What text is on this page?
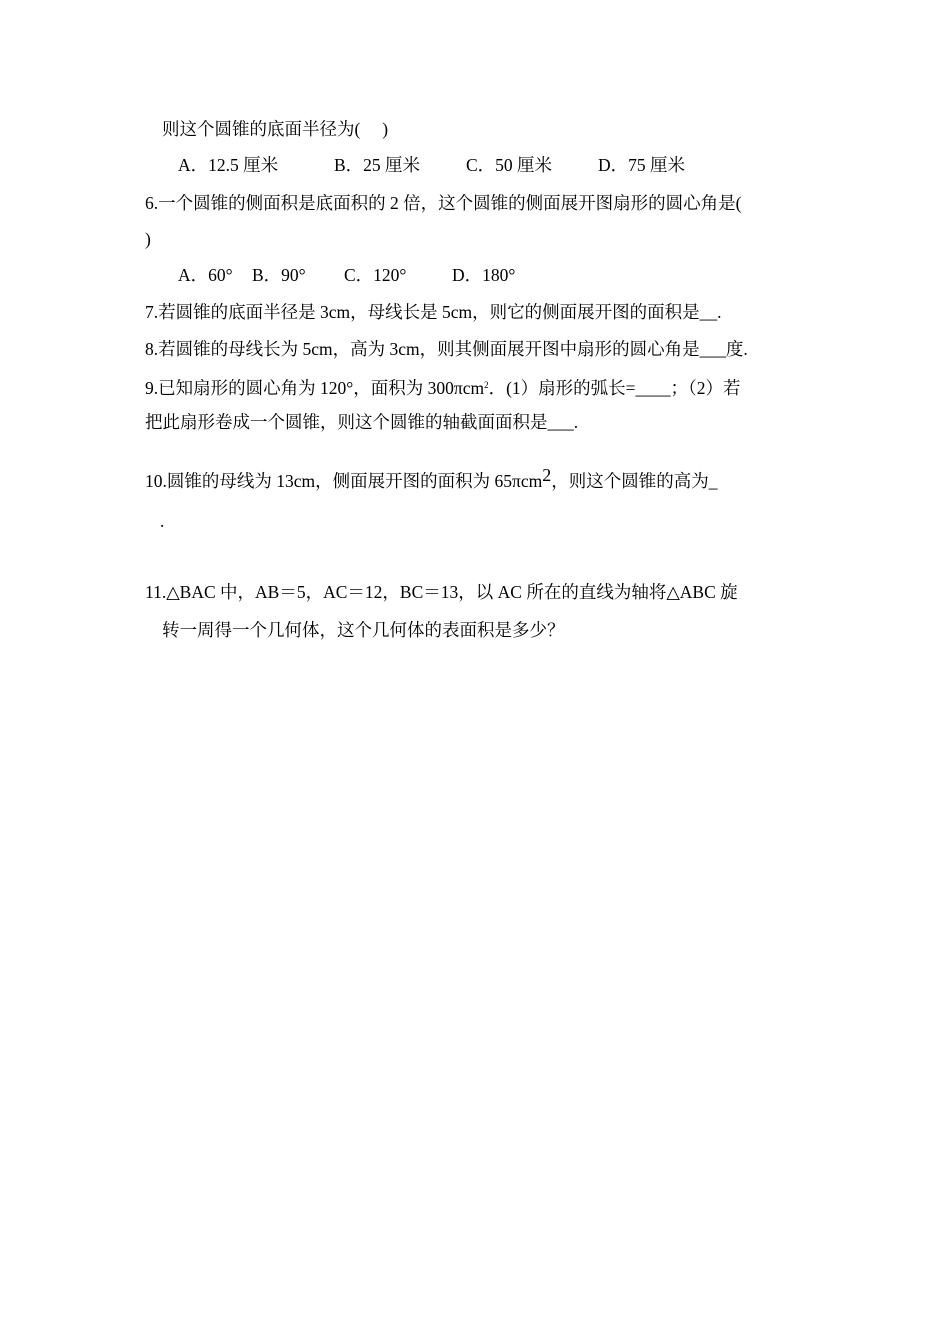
则这个圆锥的底面半径为(　 )
A．12.5 厘米	B．25 厘米	C．50 厘米	D．75 厘米
6.一个圆锥的侧面积是底面积的 2 倍，这个圆锥的侧面展开图扇形的圆心角是(
)
A．60° B．90° C．120°	D．180°
7.若圆锥的底面半径是 3cm，母线长是 5cm，则它的侧面展开图的面积是__.
8.若圆锥的母线长为 5cm，高为 3cm，则其侧面展开图中扇形的圆心角是___度.
9.已知扇形的圆心角为 120°，面积为 300πcm$^2$．(1）扇形的弧长=____；（2）若
把此扇形卷成一个圆锥，则这个圆锥的轴截面面积是___.
10.圆锥的母线为 13cm，侧面展开图的面积为 65πcm$^2$，则这个圆锥的高为_
.
11.△BAC 中，AB＝5，AC＝12，BC＝13，以 AC 所在的直线为轴将△ABC 旋
转一周得一个几何体，这个几何体的表面积是多少？
